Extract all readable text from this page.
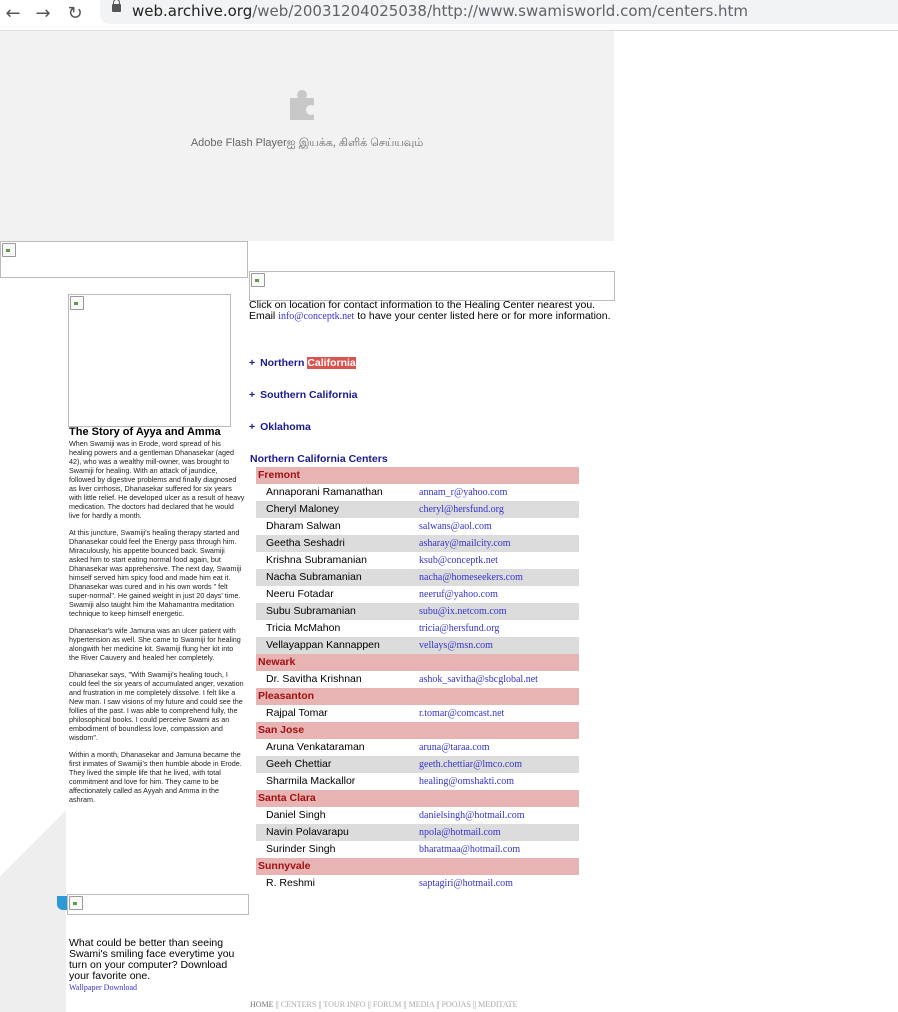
← → ↻	web.archive.org/web/20031204025038/http://www.swamisworld.com/centers.htm
Adobe Flash Playerஐ இயக்க, கிளிக் செய்யவும்
The Story of Ayya and Amma

When Swamiji was in Erode, word spread of his healing powers and a gentleman Dhanasekar (aged 42), who was a wealthy mill-owner, was brought to Swamiji for healing. With an attack of jaundice, followed by digestive problems and finally diagnosed as liver cirrhosis, Dhanasekar suffered for six years with little relief. He developed ulcer as a result of heavy medication. The doctors had declared that he would live for hardly a month.

At this juncture, Swamiji's healing therapy started and Dhanasekar could feel the Energy pass through him. Miraculously, his appetite bounced back. Swamiji asked him to start eating normal food again, but Dhanasekar was apprehensive. The next day, Swamiji himself served him spicy food and made him eat it. Dhanasekar was cured and in his own words " felt super-normal". He gained weight in just 20 days' time. Swamiji also taught him the Mahamantra meditation technique to keep himself energetic.

Dhanasekar's wife Jamuna was an ulcer patient with hypertension as well. She came to Swamiji for healing alongwith her medicine kit. Swamiji flung her kit into the River Cauvery and healed her completely.

Dhanasekar says, "With Swamiji's healing touch, I could feel the six years of accumulated anger, vexation and frustration in me completely dissolve. I felt like a New man. I saw visions of my future and could see the follies of the past. I was able to comprehend fully, the philosophical books. I could perceive Swami as an embodiment of boundless love, compassion and wisdom".

Within a month, Dhanasekar and Jamuna became the first inmates of Swamiji's then humble abode in Erode. They lived the simple life that he lived, with total commitment and love for him. They came to be affectionately called as Ayyah and Amma in the ashram.

What could be better than seeing Swami's smiling face everytime you turn on your computer? Download your favorite one.
Wallpaper Download
Click on location for contact information to the Healing Center nearest you.
Email info@conceptk.net to have your center listed here or for more information.
+ Northern California
+ Southern California
+ Oklahoma
Northern California Centers
Fremont
Annaporani Ramanathan	annam_r@yahoo.com
Cheryl Maloney	cheryl@hersfund.org
Dharam Salwan	salwans@aol.com
Geetha Seshadri	asharay@mailcity.com
Krishna Subramanian	ksub@conceptk.net
Nacha Subramanian	nacha@homeseekers.com
Neeru Fotadar	neeruf@yahoo.com
Subu Subramanian	subu@ix.netcom.com
Tricia McMahon	tricia@hersfund.org
Vellayappan Kannappen	vellays@msn.com
Newark
Dr. Savitha Krishnan	ashok_savitha@sbcglobal.net
Pleasanton
Rajpal Tomar	r.tomar@comcast.net
San Jose
Aruna Venkataraman	aruna@taraa.com
Geeh Chettiar	geeth.chettiar@lmco.com
Sharmila Mackallor	healing@omshakti.com
Santa Clara
Daniel Singh	danielsingh@hotmail.com
Navin Polavarapu	npola@hotmail.com
Surinder Singh	bharatmaa@hotmail.com
Sunnyvale
R. Reshmi	saptagiri@hotmail.com
HOME || CENTERS || TOUR INFO || FORUM || MEDIA || POOJAS || MEDITATE
